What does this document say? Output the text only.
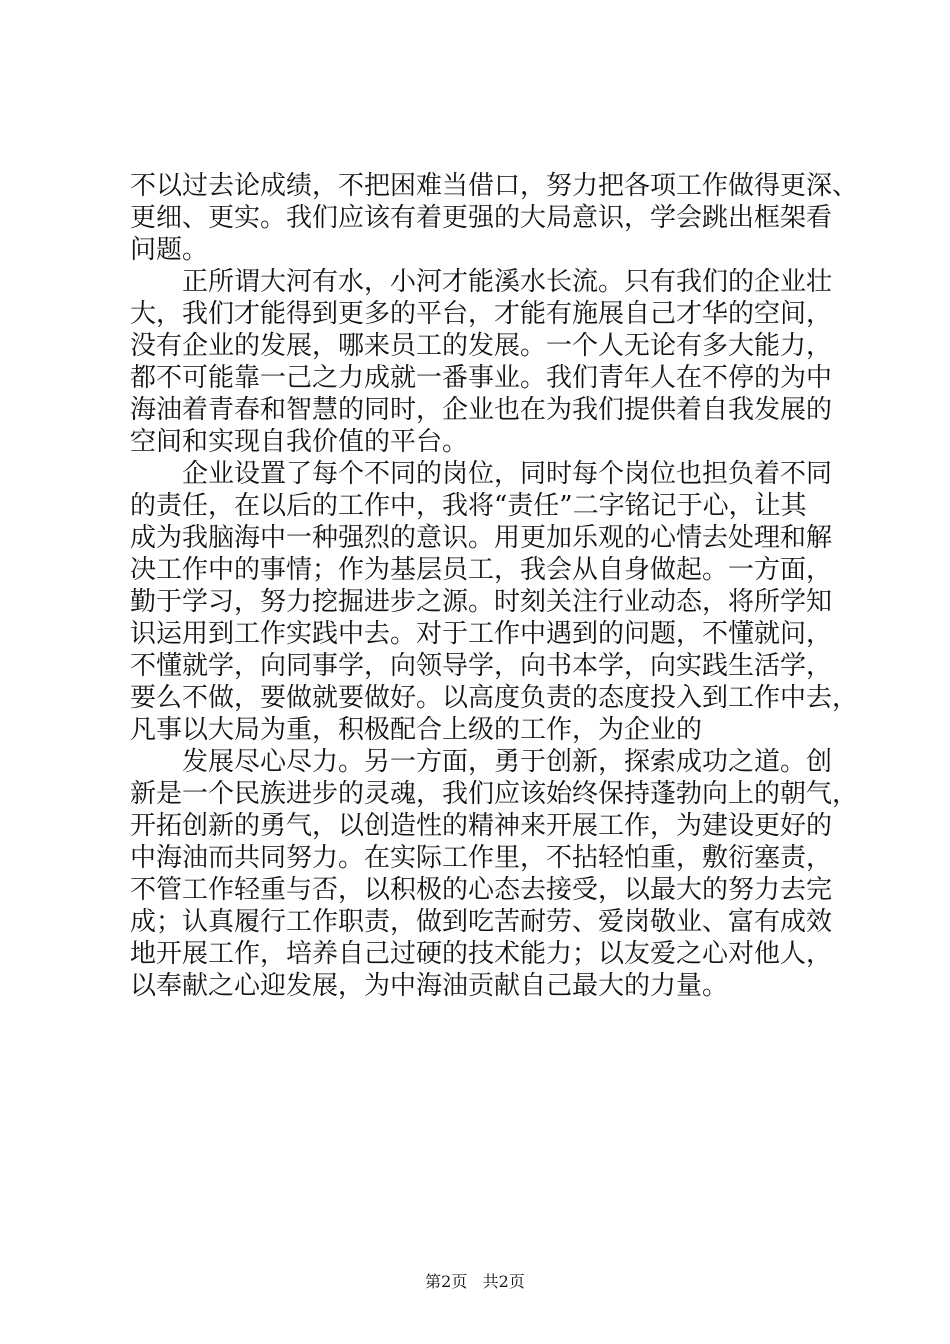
不以过去论成绩，不把困难当借口，努力把各项工作做得更深、
更细、更实。我们应该有着更强的大局意识，学会跳出框架看
问题。
正所谓大河有水，小河才能溪水长流。只有我们的企业壮
大，我们才能得到更多的平台，才能有施展自己才华的空间，
没有企业的发展，哪来员工的发展。一个人无论有多大能力，
都不可能靠一己之力成就一番事业。我们青年人在不停的为中
海油着青春和智慧的同时，企业也在为我们提供着自我发展的
空间和实现自我价值的平台。
企业设置了每个不同的岗位，同时每个岗位也担负着不同
的责任，在以后的工作中，我将“责任”二字铭记于心，让其
成为我脑海中一种强烈的意识。用更加乐观的心情去处理和解
决工作中的事情；作为基层员工，我会从自身做起。一方面，
勤于学习，努力挖掘进步之源。时刻关注行业动态，将所学知
识运用到工作实践中去。对于工作中遇到的问题，不懂就问，
不懂就学，向同事学，向领导学，向书本学，向实践生活学，
要么不做，要做就要做好。以高度负责的态度投入到工作中去，
凡事以大局为重，积极配合上级的工作，为企业的
发展尽心尽力。另一方面，勇于创新，探索成功之道。创
新是一个民族进步的灵魂，我们应该始终保持蓬勃向上的朝气，
开拓创新的勇气，以创造性的精神来开展工作，为建设更好的
中海油而共同努力。在实际工作里，不拈轻怕重，敷衍塞责，
不管工作轻重与否，以积极的心态去接受，以最大的努力去完
成；认真履行工作职责，做到吃苦耐劳、爱岗敬业、富有成效
地开展工作，培养自己过硬的技术能力；以友爱之心对他人，
以奉献之心迎发展，为中海油贡献自己最大的力量。
第2页 共2页
